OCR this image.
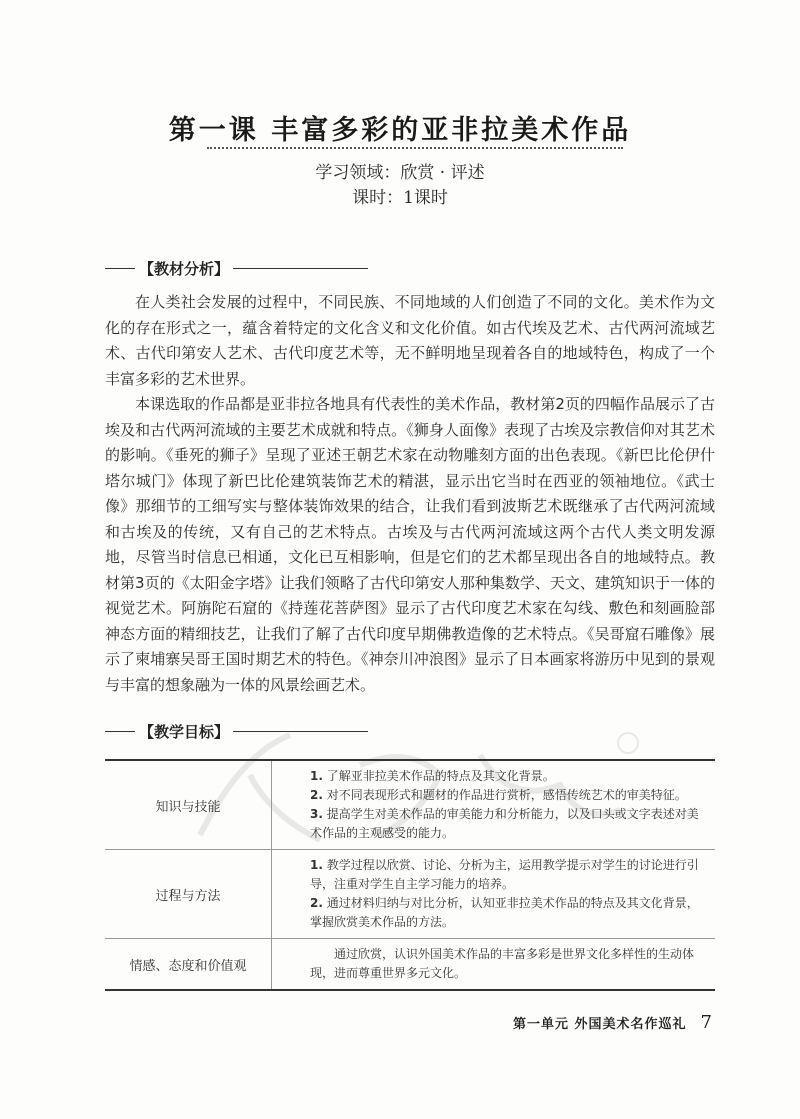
第一课 丰富多彩的亚非拉美术作品
学习领域：欣赏 · 评述
课时：1课时
【教材分析】

在人类社会发展的过程中，不同民族、不同地域的人们创造了不同的文化。美术作为文化的存在形式之一，蕴含着特定的文化含义和文化价值。如古代埃及艺术、古代两河流域艺术、古代印第安人艺术、古代印度艺术等，无不鲜明地呈现着各自的地域特色，构成了一个丰富多彩的艺术世界。

本课选取的作品都是亚非拉各地具有代表性的美术作品，教材第2页的四幅作品展示了古埃及和古代两河流域的主要艺术成就和特点。《狮身人面像》表现了古埃及宗教信仰对其艺术的影响。《垂死的狮子》呈现了亚述王朝艺术家在动物雕刻方面的出色表现。《新巴比伦伊什塔尔城门》体现了新巴比伦建筑装饰艺术的精湛，显示出它当时在西亚的领袖地位。《武士像》那细节的工细写实与整体装饰效果的结合，让我们看到波斯艺术既继承了古代两河流域和古埃及的传统，又有自己的艺术特点。古埃及与古代两河流域这两个古代人类文明发源地，尽管当时信息已相通，文化已互相影响，但是它们的艺术都呈现出各自的地域特点。教材第3页的《太阳金字塔》让我们领略了古代印第安人那种集数学、天文、建筑知识于一体的视觉艺术。阿旃陀石窟的《持莲花菩萨图》显示了古代印度艺术家在勾线、敷色和刻画脸部神态方面的精细技艺，让我们了解了古代印度早期佛教造像的艺术特点。《吴哥窟石雕像》展示了柬埔寨吴哥王国时期艺术的特色。《神奈川冲浪图》显示了日本画家将游历中见到的景观与丰富的想象融为一体的风景绘画艺术。

【教学目标】
知识与技能	1. 了解亚非拉美术作品的特点及其文化背景。

2. 对不同表现形式和题材的作品进行赏析，感悟传统艺术的审美特征。

3. 提高学生对美术作品的审美能力和分析能力，以及口头或文字表述对美术作品的主观感受的能力。

过程与方法	1. 教学过程以欣赏、讨论、分析为主，运用教学提示对学生的讨论进行引导，注重对学生自主学习能力的培养。

2. 通过材料归纳与对比分析，认知亚非拉美术作品的特点及其文化背景，掌握欣赏美术作品的方法。

情感、态度和价值观	通过欣赏，认识外国美术作品的丰富多彩是世界文化多样性的生动体现，进而尊重世界多元文化。

第一单元 外国美术名作巡礼 7
